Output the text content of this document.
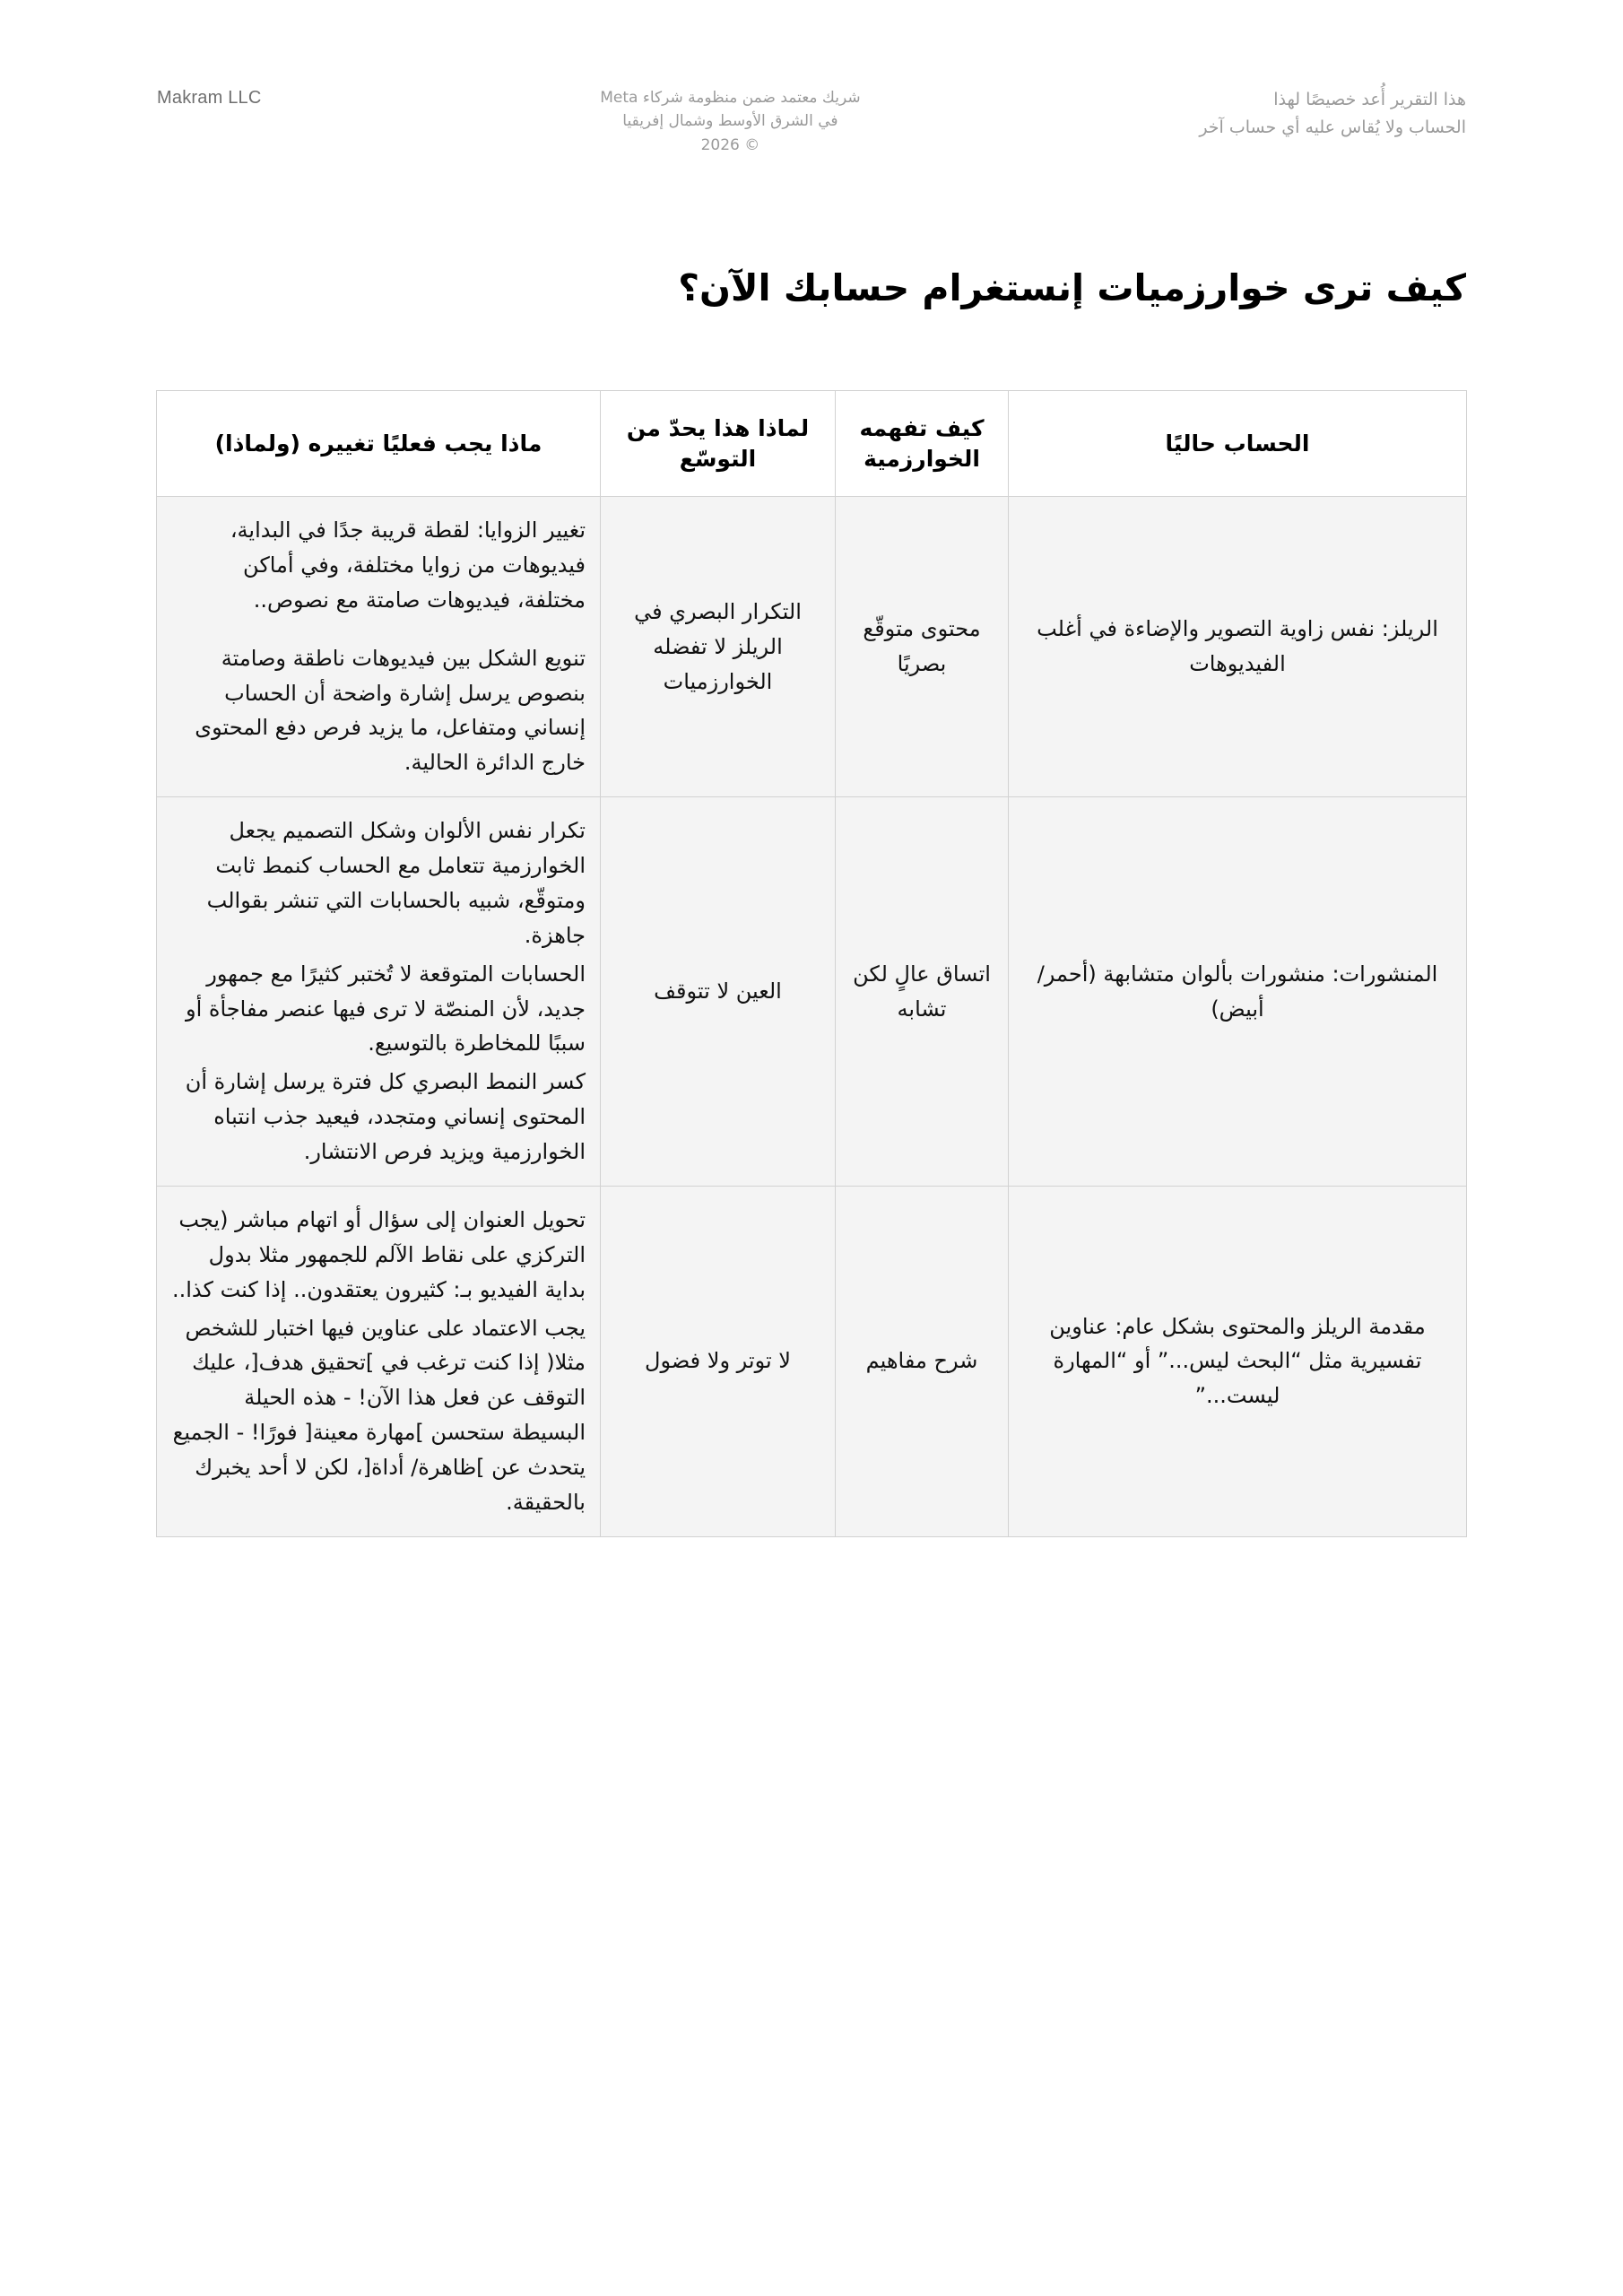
هذا التقرير أُعد خصيصًا لهذا
الحساب ولا يُقاس عليه أي حساب آخر
شريك معتمد ضمن منظومة شركاء Meta
في الشرق الأوسط وشمال إفريقيا
© 2026
Makram LLC
كيف ترى خوارزميات إنستغرام حسابك الآن؟
الحساب حاليًا	كيف تفهمه الخوارزمية	لماذا هذا يحدّ من التوسّع	ماذا يجب فعليًا تغييره (ولماذا)
الريلز: نفس زاوية التصوير والإضاءة في أغلب الفيديوهات	محتوى متوقّع بصريًا	التكرار البصري في الريلز لا تفضله الخوارزميات	تغيير الزوايا: لقطة قريبة جدًا في البداية، فيديوهات من زوايا مختلفة، وفي أماكن مختلفة، فيديوهات صامتة مع نصوص..

تنويع الشكل بين فيديوهات ناطقة وصامتة بنصوص يرسل إشارة واضحة أن الحساب إنساني ومتفاعل، ما يزيد فرص دفع المحتوى خارج الدائرة الحالية.

المنشورات: منشورات بألوان متشابهة (أحمر/ أبيض)	اتساق عالٍ لكن تشابه	العين لا تتوقف	تكرار نفس الألوان وشكل التصميم يجعل الخوارزمية تتعامل مع الحساب كنمط ثابت ومتوقّع، شبيه بالحسابات التي تنشر بقوالب جاهزة.

الحسابات المتوقعة لا تُختبر كثيرًا مع جمهور جديد، لأن المنصّة لا ترى فيها عنصر مفاجأة أو سببًا للمخاطرة بالتوسيع.

كسر النمط البصري كل فترة يرسل إشارة أن المحتوى إنساني ومتجدد، فيعيد جذب انتباه الخوارزمية ويزيد فرص الانتشار.

مقدمة الريلز والمحتوى بشكل عام: عناوين تفسيرية مثل “البحث ليس...” أو “المهارة ليست...”	شرح مفاهيم	لا توتر ولا فضول	تحويل العنوان إلى سؤال أو اتهام مباشر (يجب التركزي على نقاط الآلم للجمهور مثلا بدول بداية الفيديو بـ: كثيرون يعتقدون.. إذا كنت كذا..

يجب الاعتماد على عناوين فيها اختبار للشخص مثلا( إذا كنت ترغب في ]تحقيق هدف[، عليك التوقف عن فعل هذا الآن! - هذه الحيلة البسيطة ستحسن ]مهارة معينة[ فورًا! - الجميع يتحدث عن ]ظاهرة/ أداة[، لكن لا أحد يخبرك بالحقيقة.
